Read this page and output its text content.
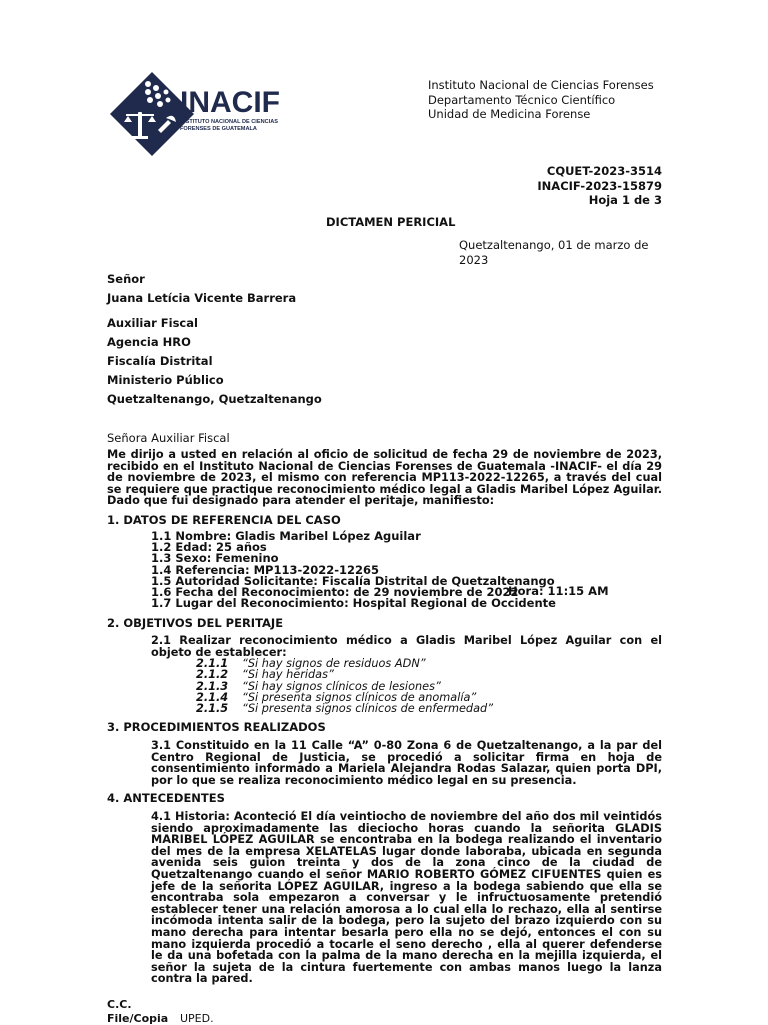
INACIF
INSTITUTO NACIONAL DE CIENCIAS
FORENSES DE GUATEMALA
Instituto Nacional de Ciencias Forenses
Departamento Técnico Científico
Unidad de Medicina Forense
CQUET-2023-3514
INACIF-2023-15879
Hoja 1 de 3
DICTAMEN PERICIAL
Quetzaltenango, 01 de marzo de
2023
Señor
Juana Letícia Vicente Barrera
Auxiliar Fiscal
Agencia HRO
Fiscalía Distrital
Ministerio Público
Quetzaltenango, Quetzaltenango
Señora Auxiliar Fiscal
Me dirijo a usted en relación al oficio de solicitud de fecha 29 de noviembre de 2023, recibido en el Instituto Nacional de Ciencias Forenses de Guatemala -INACIF- el día 29 de noviembre de 2023, el mismo con referencia MP113-2022-12265, a través del cual se requiere que practique reconocimiento médico legal a Gladis Maribel López Aguilar. Dado que fui designado para atender el peritaje, manifiesto:
1. DATOS DE REFERENCIA DEL CASO
1.1 Nombre: Gladis Maribel López Aguilar
1.2 Edad: 25 años
1.3 Sexo: Femenino
1.4 Referencia: MP113-2022-12265
1.5 Autoridad Solicitante: Fiscalía Distrital de Quetzaltenango
1.6 Fecha del Reconocimiento: de 29 noviembre de 2022
1.7 Lugar del Reconocimiento: Hospital Regional de Occidente
Hora: 11:15 AM
2. OBJETIVOS DEL PERITAJE
2.1 Realizar reconocimiento médico a Gladis Maribel López Aguilar con el objeto de establecer:
2.1.1 “Si hay signos de residuos ADN”
2.1.2 “Si hay heridas”
2.1.3 “Si hay signos clínicos de lesiones”
2.1.4 “Si presenta signos clínicos de anomalía”
2.1.5 “Si presenta signos clínicos de enfermedad”
3. PROCEDIMIENTOS REALIZADOS
3.1 Constituido en la 11 Calle “A” 0-80 Zona 6 de Quetzaltenango, a la par del Centro Regional de Justicia, se procedió a solicitar firma en hoja de consentimiento informado a Mariela Alejandra Rodas Salazar, quien porta DPI, por lo que se realiza reconocimiento médico legal en su presencia.
4. ANTECEDENTES
4.1 Historia: Aconteció El día veintiocho de noviembre del año dos mil veintidós siendo aproximadamente las dieciocho horas cuando la señorita GLADIS MARIBEL LÓPEZ AGUILAR se encontraba en la bodega realizando el inventario del mes de la empresa XELATELAS lugar donde laboraba, ubicada en segunda avenida seis guion treinta y dos de la zona cinco de la ciudad de Quetzaltenango cuando el señor MARIO ROBERTO GÓMEZ CIFUENTES quien es jefe de la señorita LÓPEZ AGUILAR, ingreso a la bodega sabiendo que ella se encontraba sola empezaron a conversar y le infructuosamente pretendió establecer tener una relación amorosa a lo cual ella lo rechazo, ella al sentirse incómoda intenta salir de la bodega, pero la sujeto del brazo izquierdo con su mano derecha para intentar besarla pero ella no se dejó, entonces el con su mano izquierda procedió a tocarle el seno derecho , ella al querer defenderse le da una bofetada con la palma de la mano derecha en la mejilla izquierda, el señor la sujeta de la cintura fuertemente con ambas manos luego la lanza contra la pared.
C.C.
File/Copia UPED.
